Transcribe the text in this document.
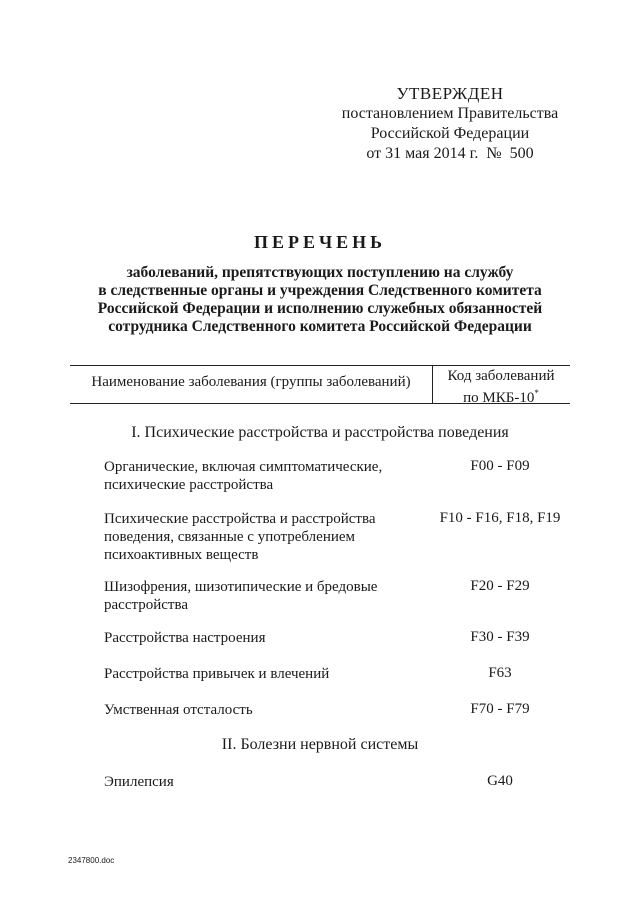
УТВЕРЖДЕН
постановлением Правительства
Российской Федерации
от 31 мая 2014 г.  №  500
ПЕРЕЧЕНЬ
заболеваний, препятствующих поступлению на службу
в следственные органы и учреждения Следственного комитета
Российской Федерации и исполнению служебных обязанностей
сотрудника Следственного комитета Российской Федерации
Наименование заболевания (группы заболеваний)	Код заболеваний
по МКБ-10*
I. Психические расстройства и расстройства поведения
Органические, включая симптоматические,
психические расстройства
F00 - F09
Психические расстройства и расстройства
поведения, связанные с употреблением
психоактивных веществ
F10 - F16, F18, F19
Шизофрения, шизотипические и бредовые
расстройства
F20 - F29
Расстройства настроения	F30 - F39
Расстройства привычек и влечений	F63
Умственная отсталость	F70 - F79
II. Болезни нервной системы
Эпилепсия	G40
2347800.doc
